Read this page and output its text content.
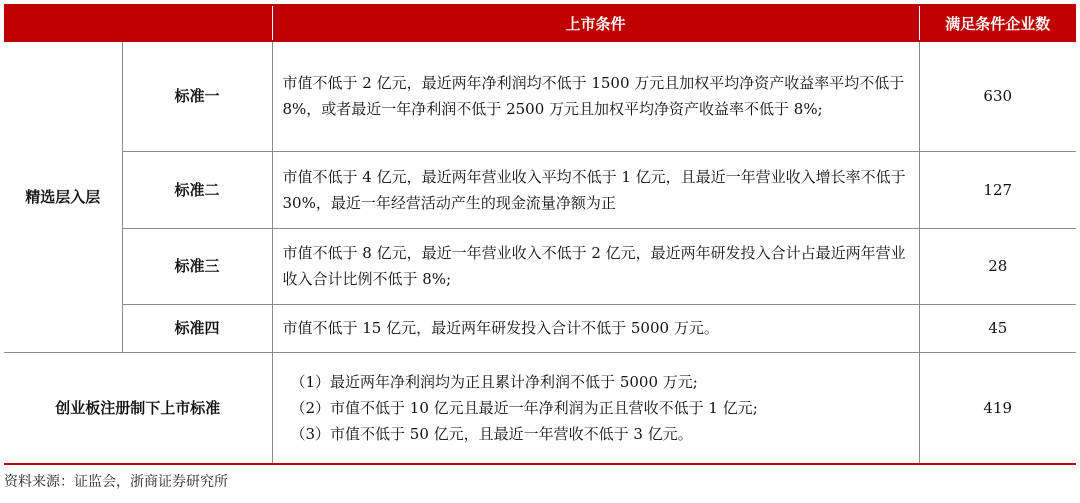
		上市条件	满足条件企业数
精选层入层	标准一	市值不低于 2 亿元，最近两年净利润均不低于 1500 万元且加权平均净资产收益率平均不低于 8%，或者最近一年净利润不低于 2500 万元且加权平均净资产收益率不低于 8%;	630
	标准二	市值不低于 4 亿元，最近两年营业收入平均不低于 1 亿元，且最近一年营业收入增长率不低于 30%，最近一年经营活动产生的现金流量净额为正	127
	标准三	市值不低于 8 亿元，最近一年营业收入不低于 2 亿元，最近两年研发投入合计占最近两年营业收入合计比例不低于 8%;	28
	标准四	市值不低于 15 亿元，最近两年研发投入合计不低于 5000 万元。	45
创业板注册制下上市标准		（1）最近两年净利润均为正且累计净利润不低于 5000 万元;
（2）市值不低于 10 亿元且最近一年净利润为正且营收不低于 1 亿元;
（3）市值不低于 50 亿元，且最近一年营收不低于 3 亿元。	419
资料来源：证监会，浙商证券研究所
